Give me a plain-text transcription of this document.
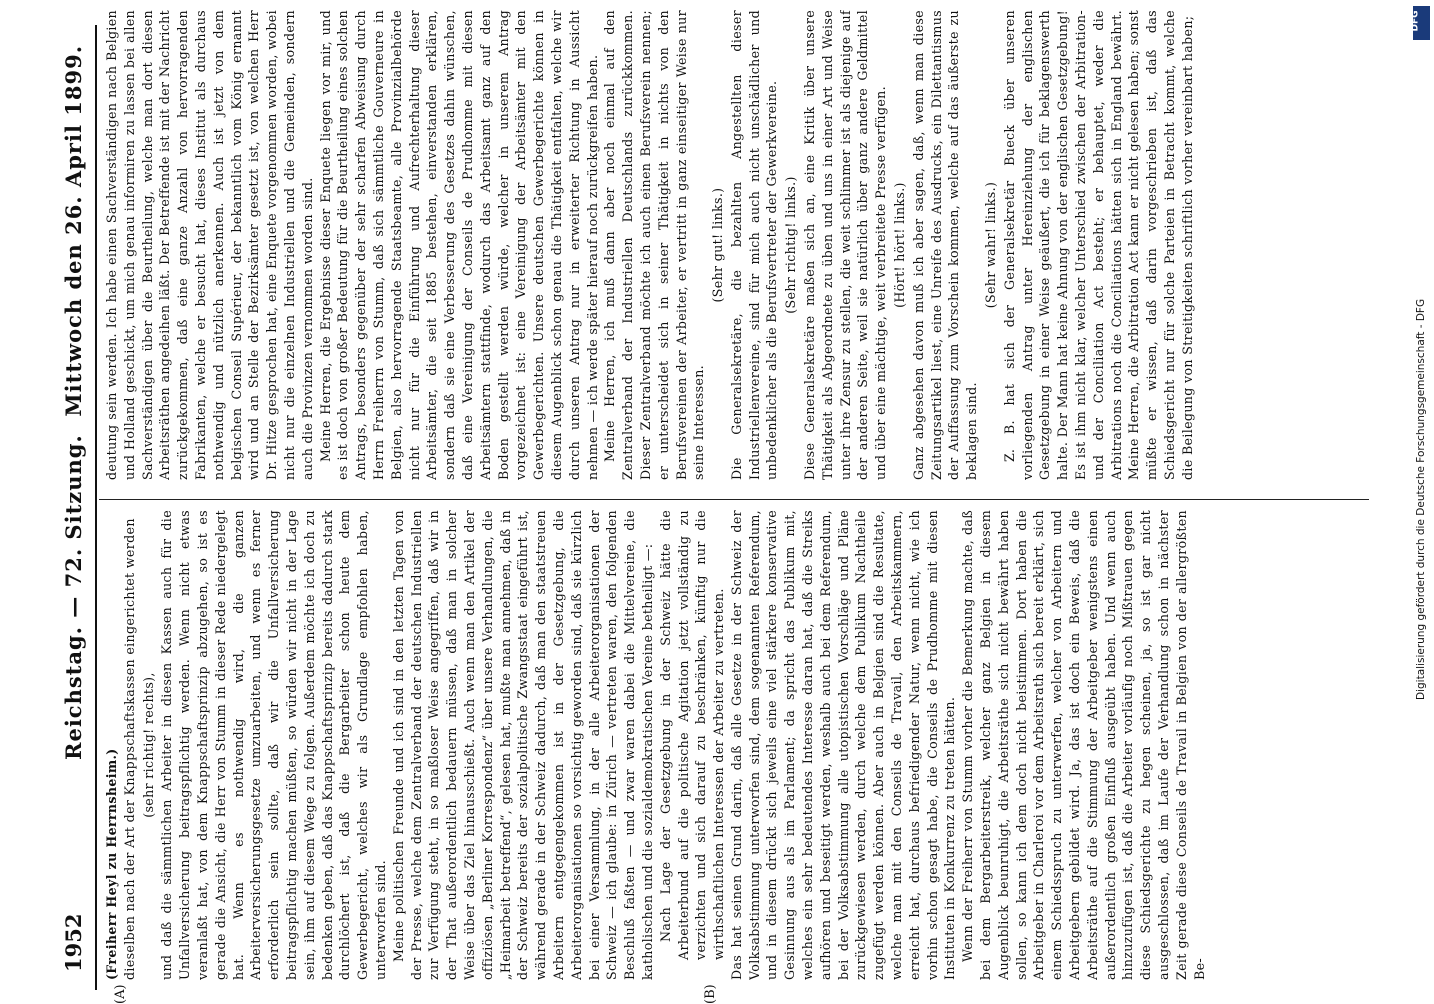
1952
Reichstag. — 72. Sitzung.
Mittwoch den 26. April 1899.
(A)	(B)

(Freiherr Heyl zu Herrnsheim.) dieselben nach der Art der Knappschaftskassen eingerichtet werden (sehr richtig! rechts), und daß die sämmtlichen Arbeiter in diesen Kassen auch für die Unfallversicherung beitragspflichtig werden. Wenn nicht etwas veranlaßt hat, von dem Knappschaftsprinzip abzugehen, so ist es gerade die Ansicht, die Herr von Stumm in dieser Rede niedergelegt hat. Wenn es nothwendig wird, die ganzen Arbeiterversicherungsgesetze umzuarbeiten, und wenn es ferner erforderlich sein sollte, daß wir die Unfallversicherung beitragspflichtig machen müßten, so würden wir nicht in der Lage sein, ihm auf diesem Wege zu folgen. Außerdem möchte ich doch zu bedenken geben, daß das Knappschaftsprinzip bereits dadurch stark durchlöchert ist, daß die Bergarbeiter schon heute dem Gewerbegericht, welches wir als Grundlage empfohlen haben, unterworfen sind. Meine politischen Freunde und ich sind in den letzten Tagen von der Presse, welche dem Zentralverband der deutschen Industriellen zur Verfügung steht, in so maßloser Weise angegriffen, daß wir in der That außerordentlich bedauern müssen, daß man in solcher Weise über das Ziel hinausschießt. Auch wenn man den Artikel der offiziösen „Berliner Korrespondenz“ über unsere Verhandlungen, die „Heimarbeit betreffend“, gelesen hat, mußte man annehmen, daß in der Schweiz bereits der sozialpolitische Zwangsstaat eingeführt ist, während gerade in der Schweiz dadurch, daß man den staatstreuen Arbeitern entgegengekommen ist in der Gesetzgebung, die Arbeiterorganisationen so vorsichtig geworden sind, daß sie kürzlich bei einer Versammlung, in der alle Arbeiterorganisationen der Schweiz — ich glaube: in Zürich — vertreten waren, den folgenden Beschluß faßten — und zwar waren dabei die Mittelvereine, die katholischen und die sozialdemokratischen Vereine betheiligt —: Nach Lage der Gesetzgebung in der Schweiz hätte die Arbeiterbund auf die politische Agitation jetzt vollständig zu verzichten und sich darauf zu beschränken, künftig nur die wirthschaftlichen Interessen der Arbeiter zu vertreten. Das hat seinen Grund darin, daß alle Gesetze in der Schweiz der Volksabstimmung unterworfen sind, dem sogenannten Referendum, und in diesem drückt sich jeweils eine viel stärkere konservative Gesinnung aus als im Parlament; da spricht das Publikum mit, welches ein sehr bedeutendes Interesse daran hat, daß die Streiks aufhören und beseitigt werden, weshalb auch bei dem Referendum, bei der Volksabstimmung alle utopistischen Vorschläge und Pläne zurückgewiesen werden, durch welche dem Publikum Nachtheile zugefügt werden können. Aber auch in Belgien sind die Resultate, welche man mit den Conseils de Travail, den Arbeitskammern, erreicht hat, durchaus befriedigender Natur, wenn nicht, wie ich vorhin schon gesagt habe, die Conseils de Prudhomme mit diesen Instituten in Konkurrenz zu treten hätten. Wenn der Freiherr von Stumm vorher die Bemerkung machte, daß bei dem Bergarbeiterstreik, welcher ganz Belgien in diesem Augenblick beunruhigt, die Arbeitsräthe sich nicht bewährt haben sollen, so kann ich dem doch nicht beistimmen. Dort haben die Arbeitgeber in Charleroi vor dem Arbeitsrath sich bereit erklärt, sich einem Schiedsspruch zu unterwerfen, welcher von Arbeitern und Arbeitgebern gebildet wird. Ja, das ist doch ein Beweis, daß die Arbeitsräthe auf die Stimmung der Arbeitgeber wenigstens einen außerordentlich großen Einfluß ausgeübt haben. Und wenn auch hinzuzufügen ist, daß die Arbeiter vorläufig noch Mißtrauen gegen diese Schiedsgerichte zu hegen scheinen, ja, so ist gar nicht ausgeschlossen, daß im Laufe der Verhandlung schon in nächster Zeit gerade diese Conseils de Travail in Belgien von der allergrößten Be-

deutung sein werden. Ich habe einen Sachverständigen nach Belgien und Holland geschickt, um mich genau informiren zu lassen bei allen Sachverständigen über die Beurtheilung, welche man dort diesen Arbeitsräthen angedeihen läßt. Der Betreffende ist mit der Nachricht zurückgekommen, daß eine ganze Anzahl von hervorragenden Fabrikanten, welche er besucht hat, dieses Institut als durchaus nothwendig und nützlich anerkennen. Auch ist jetzt von dem belgischen Conseil Supérieur, der bekanntlich vom König ernannt wird und an Stelle der Bezirksämter gesetzt ist, von welchen Herr Dr. Hitze gesprochen hat, eine Enquete vorgenommen worden, wobei nicht nur die einzelnen Industriellen und die Gemeinden, sondern auch die Provinzen vernommen worden sind. Meine Herren, die Ergebnisse dieser Enquete liegen vor mir, und es ist doch von großer Bedeutung für die Beurtheilung eines solchen Antrags, besonders gegenüber der sehr scharfen Abweisung durch Herrn Freiherrn von Stumm, daß sich sämmtliche Gouverneure in Belgien, also hervorragende Staatsbeamte, alle Provinzialbehörde nicht nur für die Einführung und Aufrechterhaltung dieser Arbeitsämter, die seit 1885 bestehen, einverstanden erklären, sondern daß sie eine Verbesserung des Gesetzes dahin wünschen, daß eine Vereinigung der Conseils de Prudhomme mit diesen Arbeitsämtern stattfinde, wodurch das Arbeitsamt ganz auf den Boden gestellt werden würde, welcher in unserem Antrag vorgezeichnet ist: eine Vereinigung der Arbeitsämter mit den Gewerbegerichten. Unsere deutschen Gewerbegerichte können in diesem Augenblick schon genau die Thätigkeit entfalten, welche wir durch unseren Antrag nur in erweiterter Richtung in Aussicht nehmen — ich werde später hierauf noch zurückgreifen haben. Meine Herren, ich muß dann aber noch einmal auf den Zentralverband der Industriellen Deutschlands zurückkommen. Dieser Zentralverband möchte ich auch einen Berufsverein nennen; er unterscheidet sich in seiner Thätigkeit in nichts von den Berufsvereinen der Arbeiter, er vertritt in ganz einseitiger Weise nur seine Interessen.

(Sehr gut! links.) Die Generalsekretäre, die bezahlten Angestellten dieser Industriellenvereine, sind für mich auch nicht unschädlicher und unbedenklicher als die Berufsvertreter der Gewerkvereine. (Sehr richtig! links.) Diese Generalsekretäre maßen sich an, eine Kritik über unsere Thätigkeit als Abgeordnete zu üben und uns in einer Art und Weise unter ihre Zensur zu stellen, die weit schlimmer ist als diejenige auf der anderen Seite, weil sie natürlich über ganz andere Geldmittel und über eine mächtige, weit verbreitete Presse verfügen. (Hört! hört! links.) Ganz abgesehen davon muß ich aber sagen, daß, wenn man diese Zeitungsartikel liest, eine Unreife des Ausdrucks, ein Dilettantismus der Auffassung zum Vorschein kommen, welche auf das äußerste zu beklagen sind.

(Sehr wahr! links.) Z. B. hat sich der Generalsekretär Bueck über unseren vorliegenden Antrag unter Hereinziehung der englischen Gesetzgebung in einer Weise geäußert, die ich für beklagenswerth halte. Der Mann hat keine Ahnung von der englischen Gesetzgebung! Es ist ihm nicht klar, welcher Unterschied zwischen der Arbitration- und der Conciliation Act besteht; er behauptet, weder die Arbitrations noch die Conciliations hätten sich in England bewährt. Meine Herren, die Arbitration Act kann er nicht gelesen haben; sonst müßte er wissen, daß darin vorgeschrieben ist, daß das Schiedsgericht nur für solche Parteien in Betracht kommt, welche die Beilegung von Streitigkeiten schriftlich vorher vereinbart haben;	DFG
Digitalisierung gefördert durch die Deutsche Forschungsgemeinschaft - DFG
